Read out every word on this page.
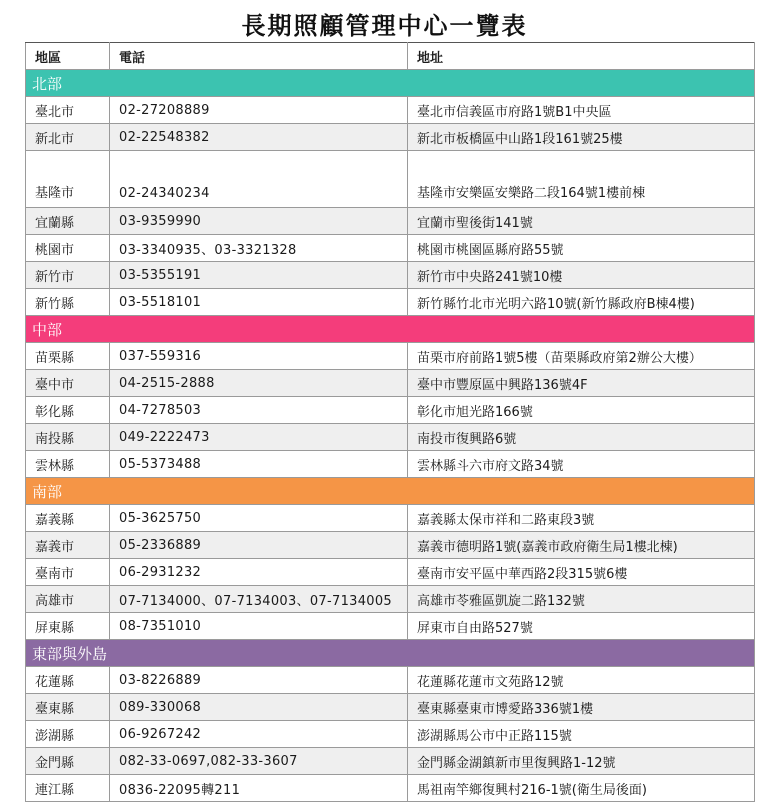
長期照顧管理中心一覽表
地區	電話	地址
北部		
臺北市	02-27208889	臺北市信義區市府路1號B1中央區
新北市	02-22548382	新北市板橋區中山路1段161號25樓
基隆市	02-24340234	基隆市安樂區安樂路二段164號1樓前棟
宜蘭縣	03-9359990	宜蘭市聖後街141號
桃園市	03-3340935、03-3321328	桃園市桃園區縣府路55號
新竹市	03-5355191	新竹市中央路241號10樓
新竹縣	03-5518101	新竹縣竹北市光明六路10號(新竹縣政府B棟4樓)
中部		
苗栗縣	037-559316	苗栗市府前路1號5樓（苗栗縣政府第2辦公大樓）
臺中市	04-2515-2888	臺中市豐原區中興路136號4F
彰化縣	04-7278503	彰化市旭光路166號
南投縣	049-2222473	南投市復興路6號
雲林縣	05-5373488	雲林縣斗六市府文路34號
南部		
嘉義縣	05-3625750	嘉義縣太保市祥和二路東段3號
嘉義市	05-2336889	嘉義市德明路1號(嘉義市政府衛生局1樓北棟)
臺南市	06-2931232	臺南市安平區中華西路2段315號6樓
高雄市	07-7134000、07-7134003、07-7134005	高雄市苓雅區凱旋二路132號
屏東縣	08-7351010	屏東市自由路527號
東部與外島		
花蓮縣	03-8226889	花蓮縣花蓮市文苑路12號
臺東縣	089-330068	臺東縣臺東市博愛路336號1樓
澎湖縣	06-9267242	澎湖縣馬公市中正路115號
金門縣	082-33-0697,082-33-3607	金門縣金湖鎮新市里復興路1-12號
連江縣	0836-22095轉211	馬祖南竿鄉復興村216-1號(衛生局後面)
